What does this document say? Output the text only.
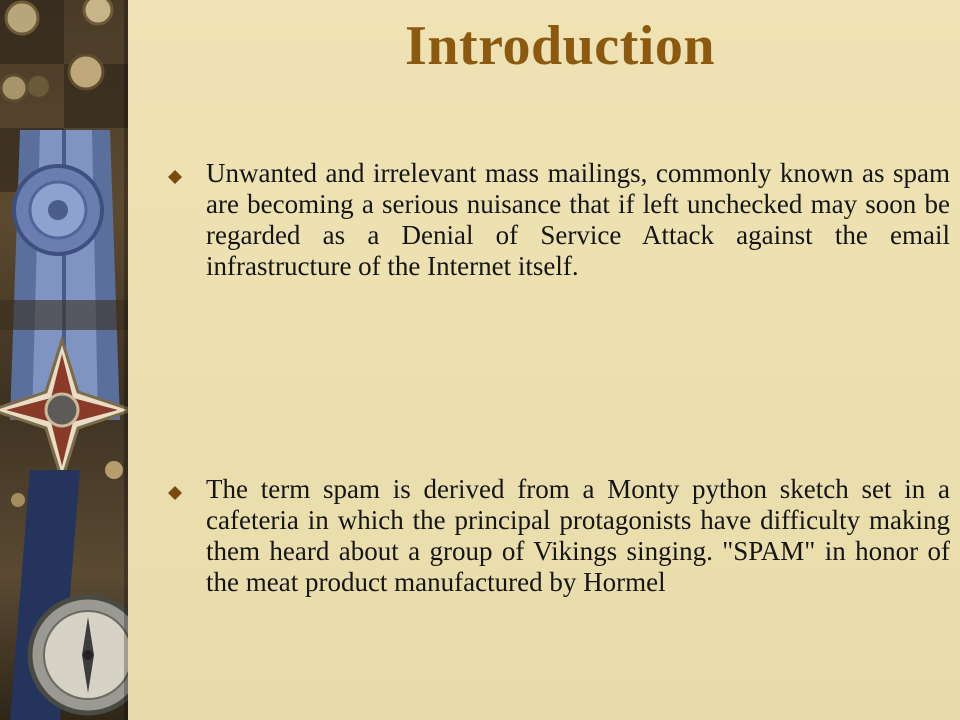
Introduction
Unwanted and irrelevant mass mailings, commonly known as spam are becoming a serious nuisance that if left unchecked may soon be regarded as a Denial of Service Attack against the email infrastructure of the Internet itself.
The term spam is derived from a Monty python sketch set in a cafeteria in which the principal protagonists have difficulty making them heard about a group of Vikings singing. "SPAM" in honor of the meat product manufactured by Hormel
